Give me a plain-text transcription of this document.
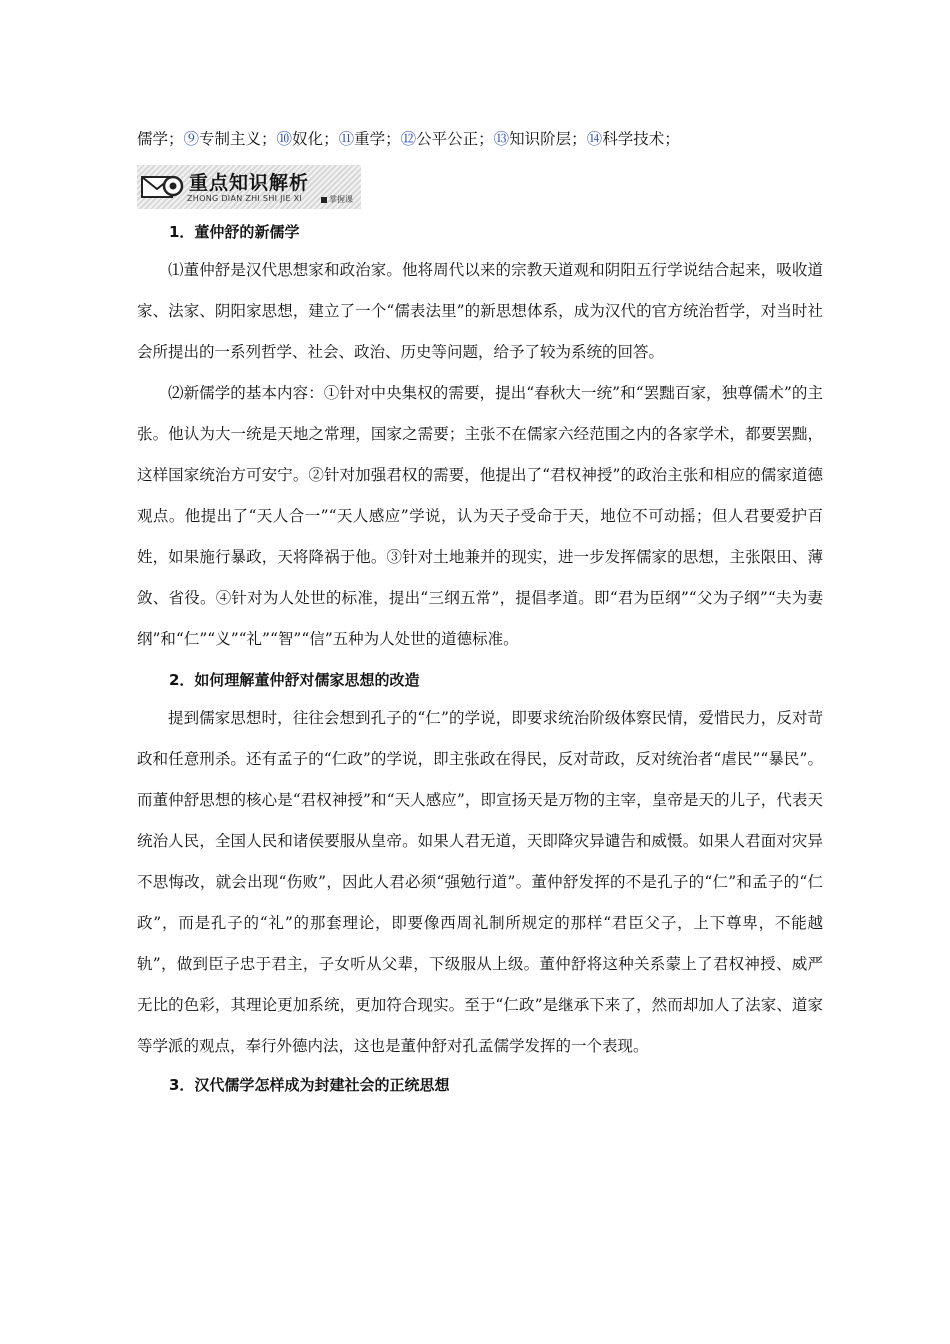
儒学；⑨专制主义；⑩奴化；⑪重学；⑫公平公正；⑬知识阶层；⑭科学技术；
重点知识解析
ZHONG DIAN ZHI SHI JIE XI	掌握课
1．董仲舒的新儒学

⑴董仲舒是汉代思想家和政治家。他将周代以来的宗教天道观和阴阳五行学说结合起来，吸收道家、法家、阴阳家思想，建立了一个“儒表法里”的新思想体系，成为汉代的官方统治哲学，对当时社会所提出的一系列哲学、社会、政治、历史等问题，给予了较为系统的回答。

⑵新儒学的基本内容：①针对中央集权的需要，提出“春秋大一统”和“罢黜百家，独尊儒术”的主张。他认为大一统是天地之常理，国家之需要；主张不在儒家六经范围之内的各家学术，都要罢黜，这样国家统治方可安宁。②针对加强君权的需要，他提出了“君权神授”的政治主张和相应的儒家道德观点。他提出了“天人合一”“天人感应”学说，认为天子受命于天，地位不可动摇；但人君要爱护百姓，如果施行暴政，天将降祸于他。③针对土地兼并的现实，进一步发挥儒家的思想，主张限田、薄敛、省役。④针对为人处世的标准，提出“三纲五常”，提倡孝道。即“君为臣纲”“父为子纲”“夫为妻纲”和“仁”“义”“礼”“智”“信”五种为人处世的道德标准。

2．如何理解董仲舒对儒家思想的改造

提到儒家思想时，往往会想到孔子的“仁”的学说，即要求统治阶级体察民情，爱惜民力，反对苛政和任意刑杀。还有孟子的“仁政”的学说，即主张政在得民，反对苛政，反对统治者“虐民”“暴民”。而董仲舒思想的核心是“君权神授”和“天人感应”，即宣扬天是万物的主宰，皇帝是天的儿子，代表天统治人民，全国人民和诸侯要服从皇帝。如果人君无道，天即降灾异谴告和威慑。如果人君面对灾异不思悔改，就会出现“伤败”，因此人君必须“强勉行道”。董仲舒发挥的不是孔子的“仁”和孟子的“仁政”，而是孔子的“礼”的那套理论，即要像西周礼制所规定的那样“君臣父子，上下尊卑，不能越轨”，做到臣子忠于君主，子女听从父辈，下级服从上级。董仲舒将这种关系蒙上了君权神授、威严无比的色彩，其理论更加系统，更加符合现实。至于“仁政”是继承下来了，然而却加人了法家、道家等学派的观点，奉行外德内法，这也是董仲舒对孔孟儒学发挥的一个表现。

3．汉代儒学怎样成为封建社会的正统思想
